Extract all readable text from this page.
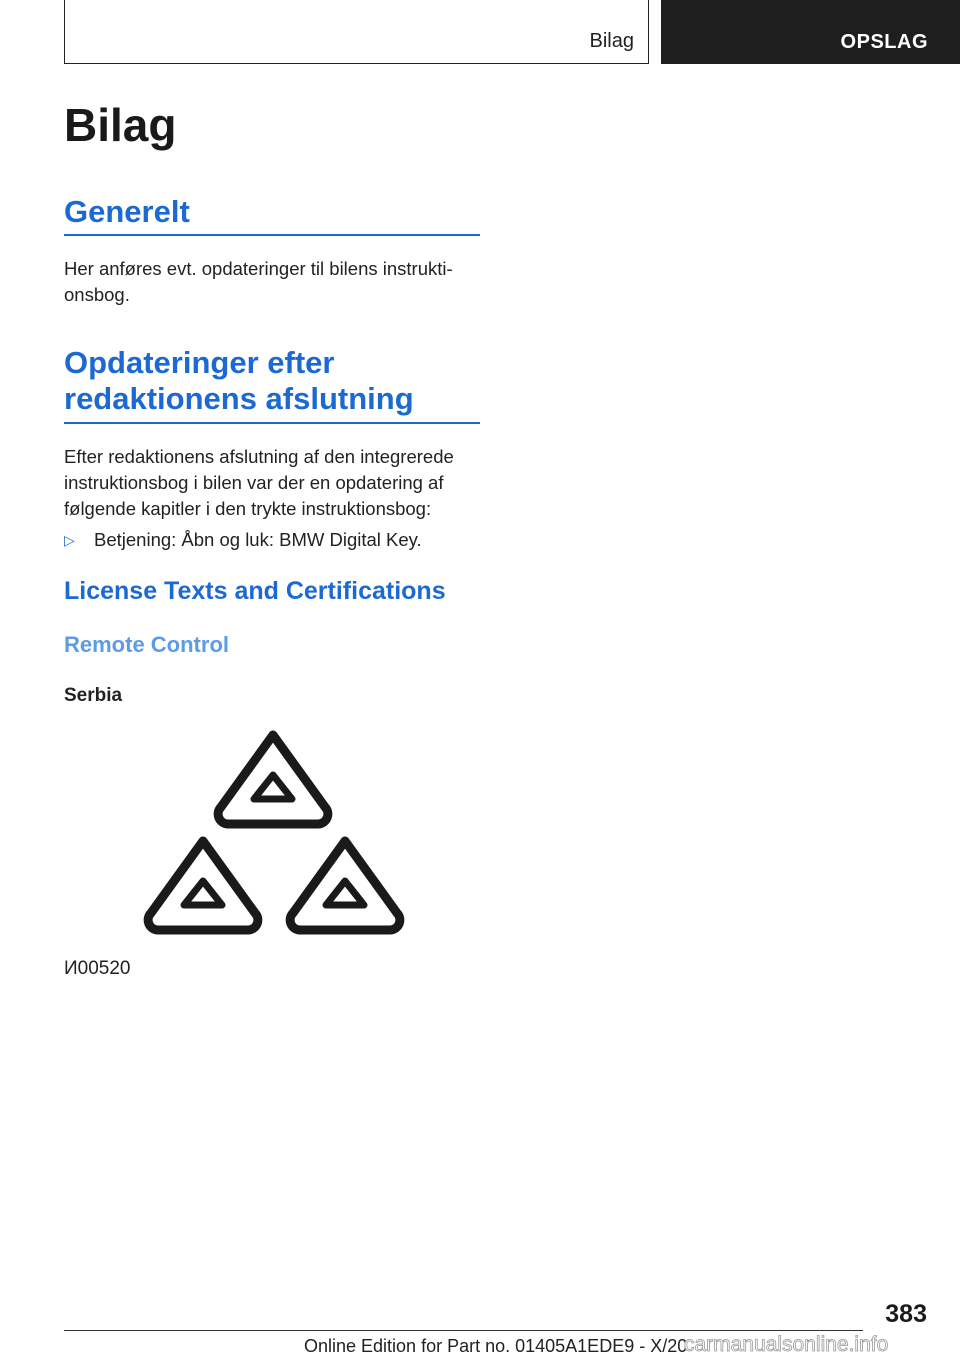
Bilag	OPSLAG
Bilag
Generelt

Her anføres evt. opdateringer til bilens instrukti-
onsbog.

Opdateringer efter
redaktionens afslutning

Efter redaktionens afslutning af den integrerede
instruktionsbog i bilen var der en opdatering af
følgende kapitler i den trykte instruktionsbog:

▷ Betjening: Åbn og luk: BMW Digital Key.
License Texts and Certifications
Remote Control
Serbia
И00520
383
Online Edition for Part no. 01405A1EDE9 - X/20
carmanualsonline.info
